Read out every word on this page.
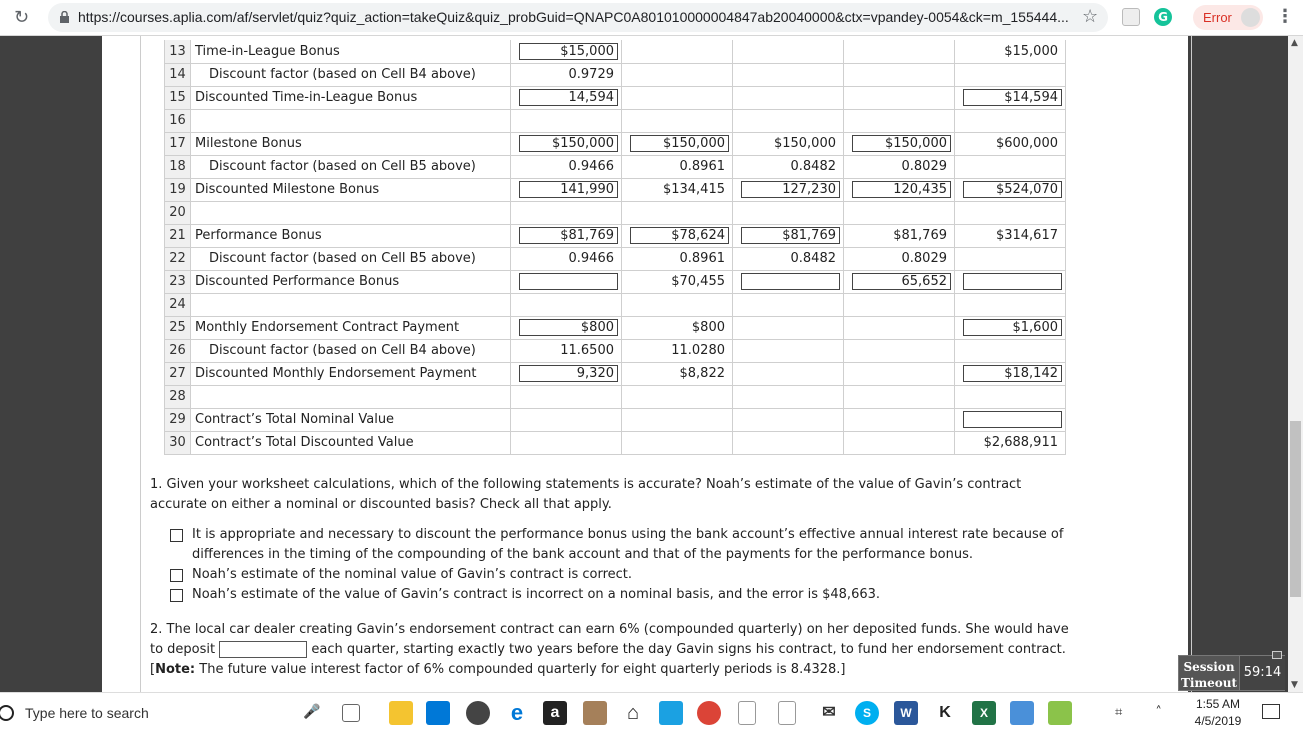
↻	https://courses.aplia.com/af/servlet/quiz?quiz_action=takeQuiz&quiz_probGuid=QNAPC0A801010000004847ab20040000&ctx=vpandey-0054&ck=m_155444... ☆	G	Error	⋮
13	Time-in-League Bonus	$15,000				$15,000

14	Discount factor (based on Cell B4 above)	0.9729				

15	Discounted Time-in-League Bonus	14,594				$14,594

16		

17	Milestone Bonus	$150,000	$150,000	$150,000	$150,000	$600,000

18	Discount factor (based on Cell B5 above)	0.9466	0.8961	0.8482	0.8029	

19	Discounted Milestone Bonus	141,990	$134,415	127,230	120,435	$524,070

20		

21	Performance Bonus	$81,769	$78,624	$81,769	$81,769	$314,617

22	Discount factor (based on Cell B5 above)	0.9466	0.8961	0.8482	0.8029	

23	Discounted Performance Bonus		$70,455		65,652	

24		

25	Monthly Endorsement Contract Payment	$800	$800			$1,600

26	Discount factor (based on Cell B4 above)	11.6500	11.0280			

27	Discounted Monthly Endorsement Payment	9,320	$8,822			$18,142

28		

29	Contract’s Total Nominal Value	

30	Contract’s Total Discounted Value					$2,688,911
1. Given your worksheet calculations, which of the following statements is accurate? Noah’s estimate of the value of Gavin’s contract accurate on either a nominal or discounted basis? Check all that apply.
It is appropriate and necessary to discount the performance bonus using the bank account’s effective annual interest rate because of differences in the timing of the compounding of the bank account and that of the payments for the performance bonus.
Noah’s estimate of the nominal value of Gavin’s contract is correct.
Noah’s estimate of the value of Gavin’s contract is incorrect on a nominal basis, and the error is $48,663.
2. The local car dealer creating Gavin’s endorsement contract can earn 6% (compounded quarterly) on her deposited funds. She would have to deposit	each quarter, starting exactly two years before the day Gavin signs his contract, to fund her endorsement contract. [Note: The future value interest factor of 6% compounded quarterly for eight quarterly periods is 8.4328.]
▲
▼
Session
Timeout
59:14
Type here to search	🎤	e	a	⌂	✉	S	W	K	X	⌗        ˄
1:55 AM
4/5/2019
